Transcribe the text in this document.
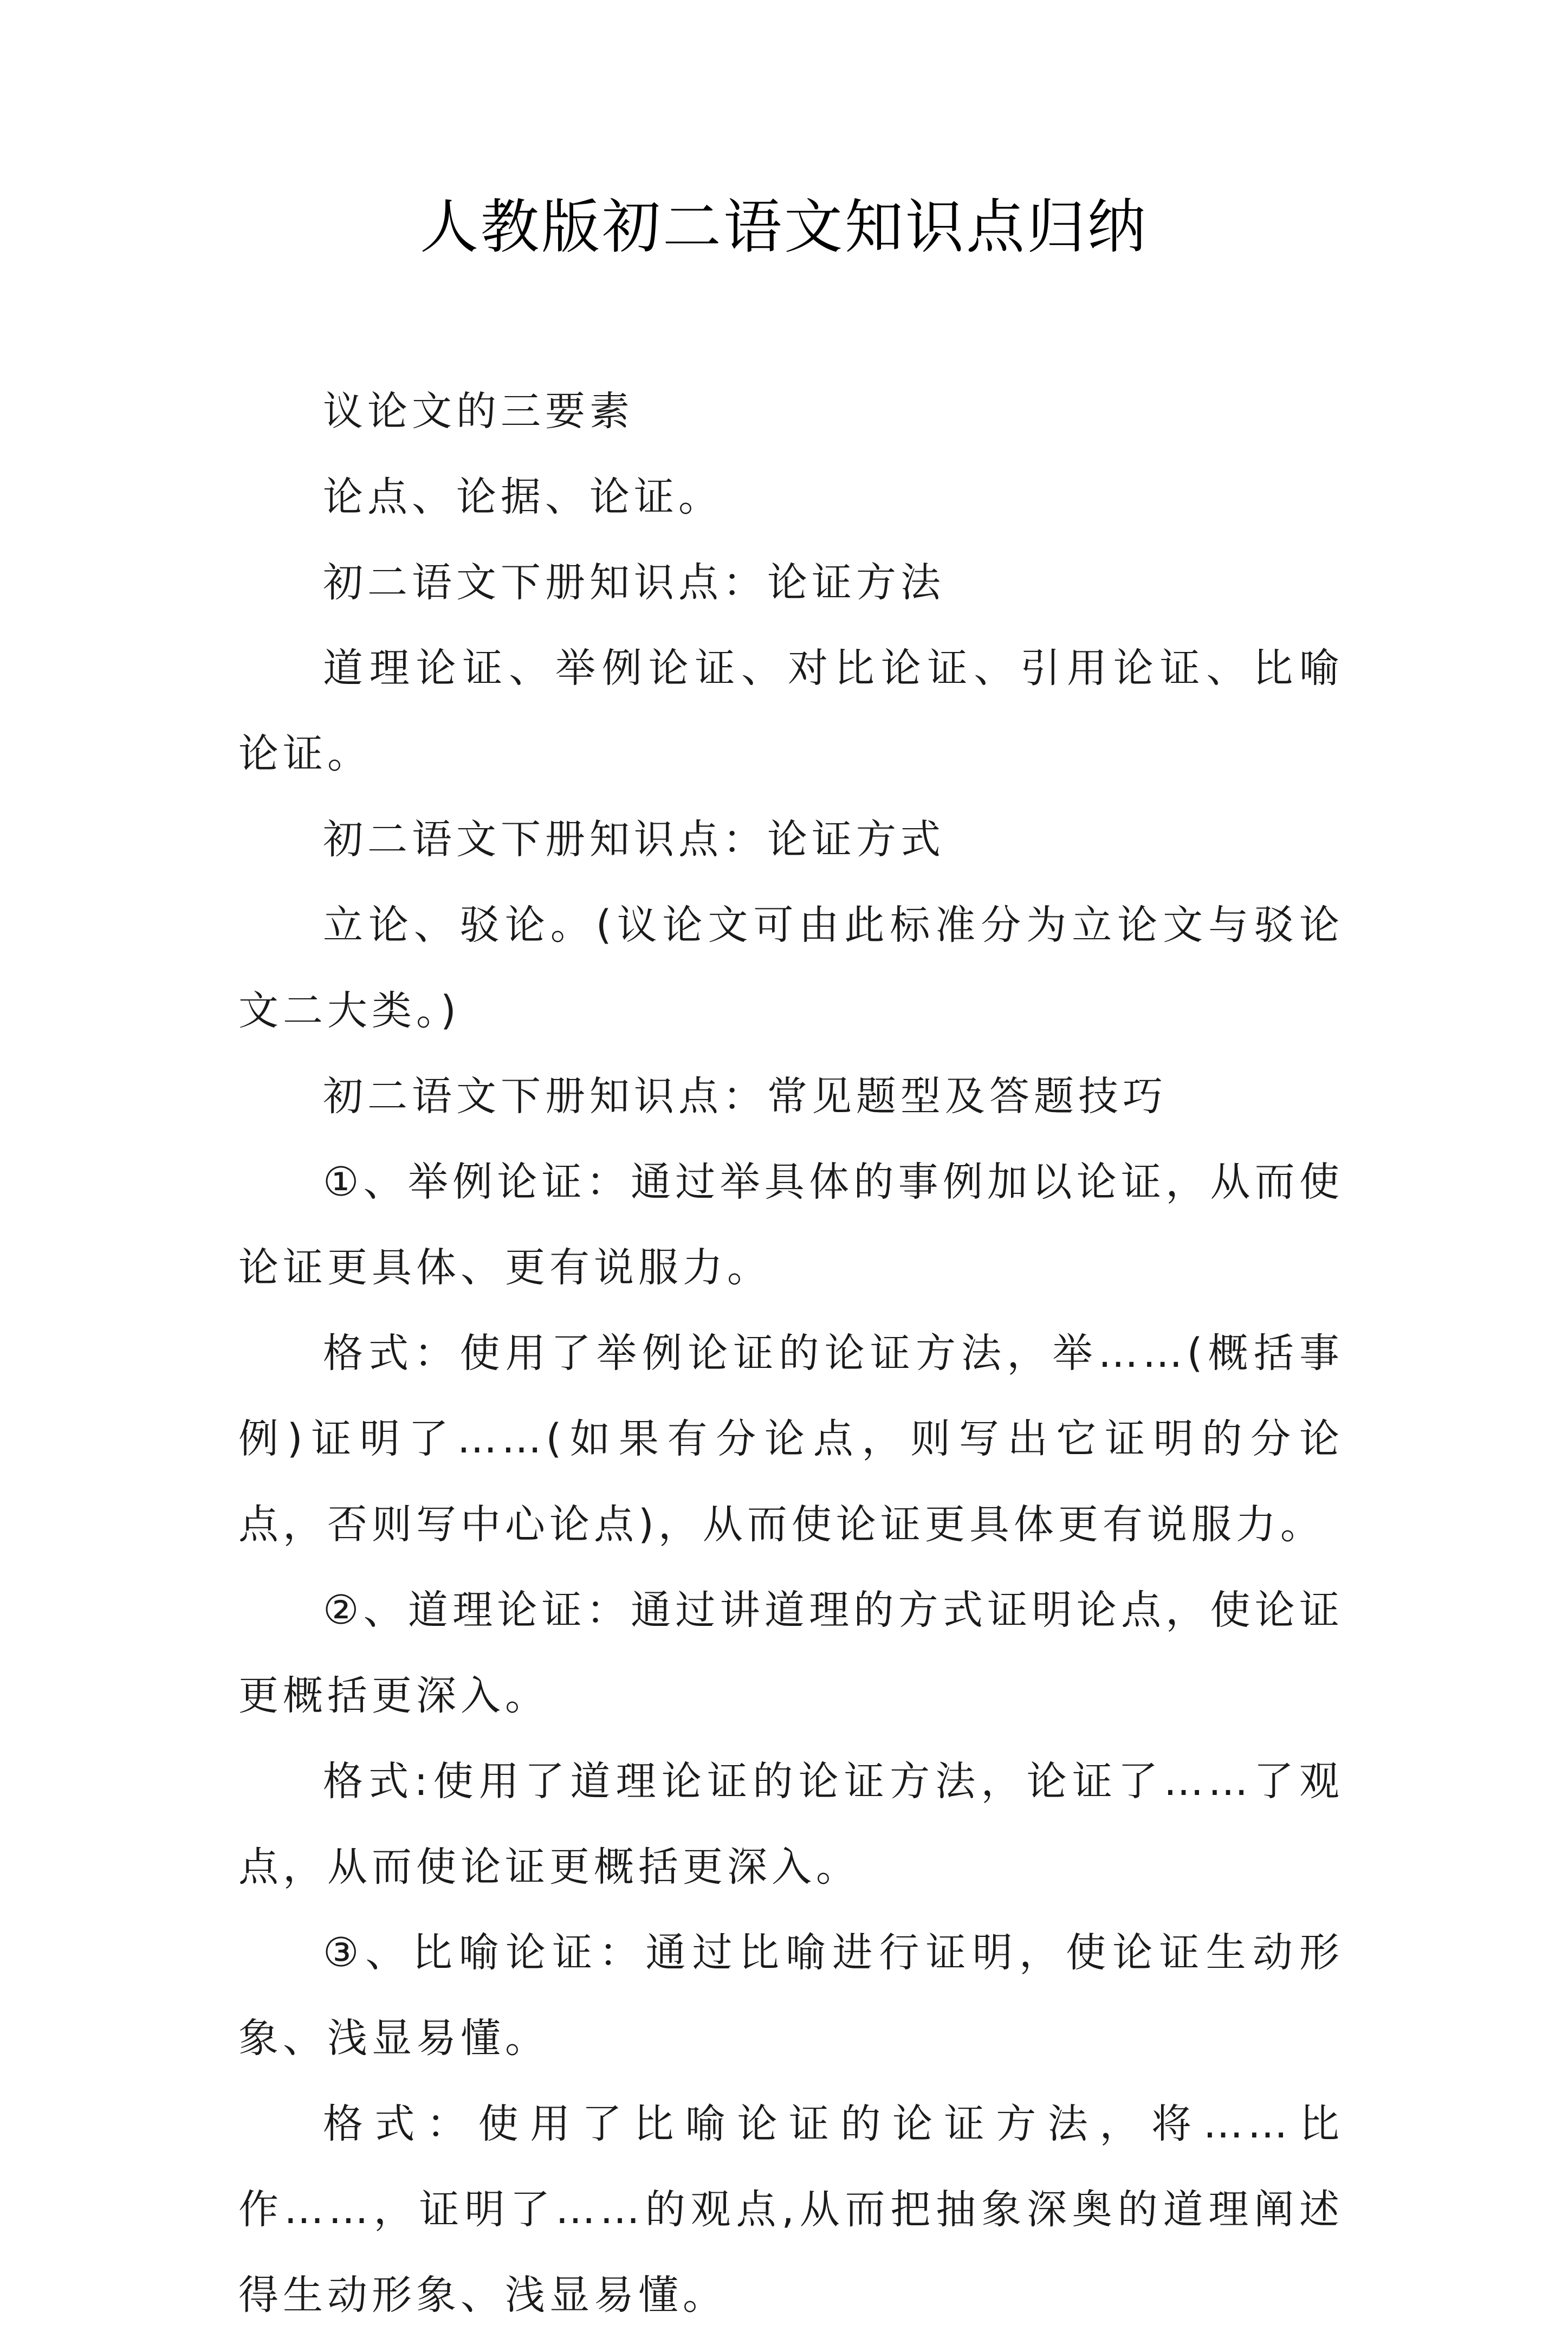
人教版初二语文知识点归纳

议论文的三要素

论点、论据、论证。

初二语文下册知识点：论证方法

道理论证、举例论证、对比论证、引用论证、比喻论证。

初二语文下册知识点：论证方式

立论、驳论。(议论文可由此标准分为立论文与驳论文二大类。)

初二语文下册知识点：常见题型及答题技巧

①、举例论证：通过举具体的事例加以论证，从而使论证更具体、更有说服力。

格式：使用了举例论证的论证方法，举……(概括事例)证明了……(如果有分论点，则写出它证明的分论点，否则写中心论点)，从而使论证更具体更有说服力。

②、道理论证：通过讲道理的方式证明论点，使论证更概括更深入。

格式:使用了道理论证的论证方法，论证了……了观点，从而使论证更概括更深入。

③、比喻论证：通过比喻进行证明，使论证生动形象、浅显易懂。

格式：使用了比喻论证的论证方法，将……比作……，证明了……的观点,从而把抽象深奥的道理阐述得生动形象、浅显易懂。
